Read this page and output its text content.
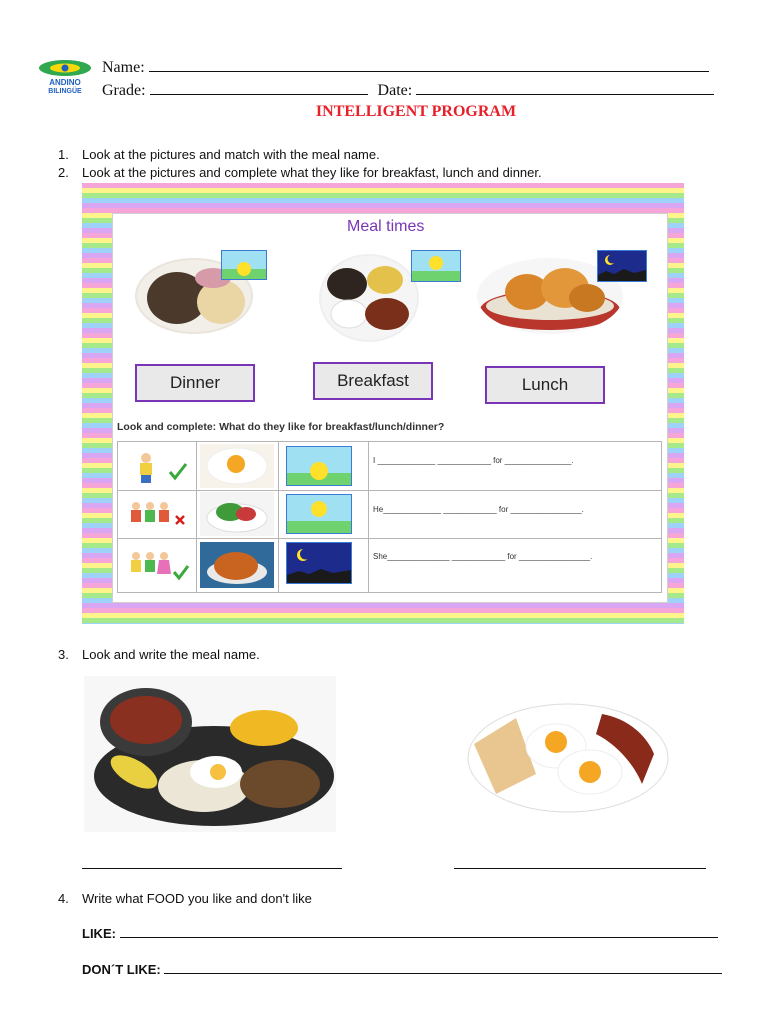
ANDINO
BILINGÜE
Name:
Grade:	Date:
INTELLIGENT PROGRAM
1. Look at the pictures and match with the meal name.
2. Look at the pictures and complete what they like for breakfast, lunch and dinner.
Meal times
Dinner	Breakfast	Lunch
Look and complete: What do they like for breakfast/lunch/dinner?
I _____________ ____________ for _______________.
He_____________ ____________ for ________________.
She______________ ____________ for ________________.
3. Look and write the meal name.
4. Write what FOOD you like and don't like
LIKE:
DON´T LIKE:
